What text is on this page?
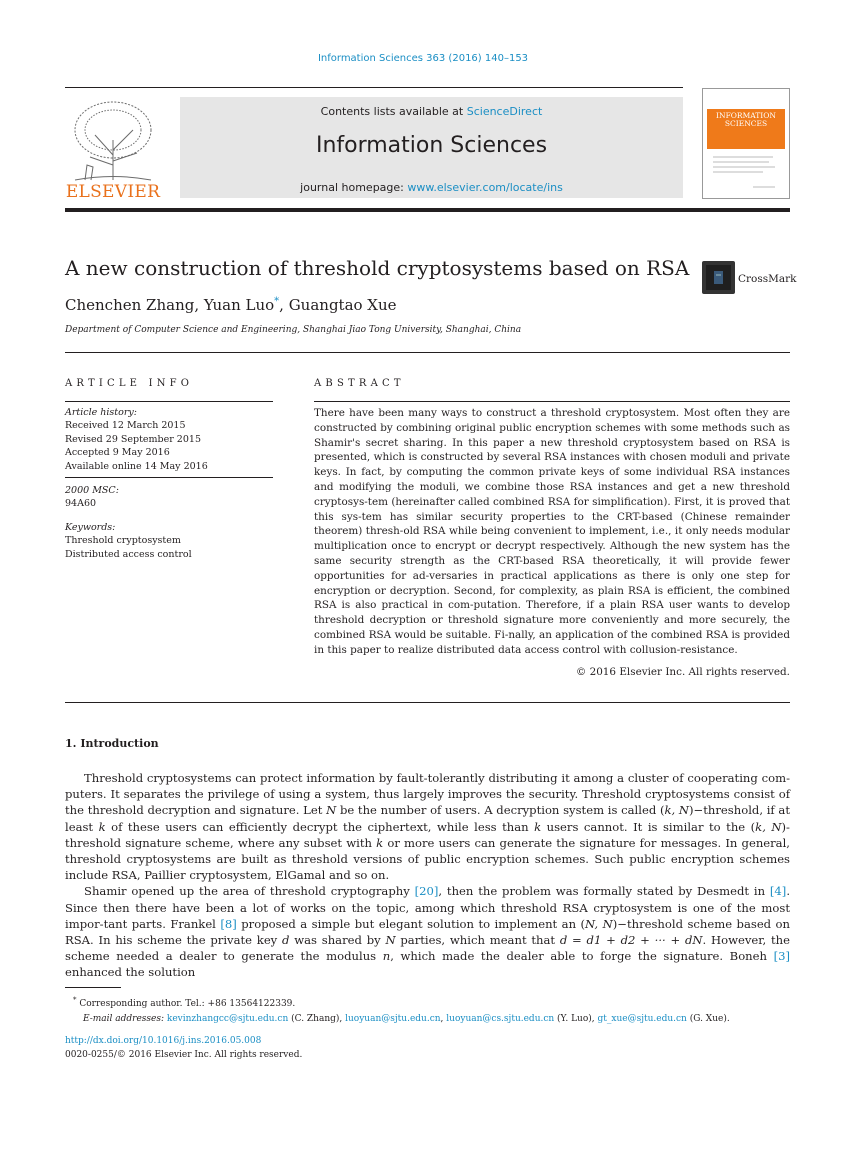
Information Sciences 363 (2016) 140–153
ELSEVIER
Contents lists available at ScienceDirect
Information Sciences
journal homepage: www.elsevier.com/locate/ins
INFORMATION SCIENCES
A new construction of threshold cryptosystems based on RSA	CrossMark
Chenchen Zhang, Yuan Luo*, Guangtao Xue
Department of Computer Science and Engineering, Shanghai Jiao Tong University, Shanghai, China
ARTICLE INFO	ABSTRACT
Article history:
Received 12 March 2015
Revised 29 September 2015
Accepted 9 May 2016
Available online 14 May 2016
2000 MSC:
94A60
Keywords:
Threshold cryptosystem
Distributed access control
There have been many ways to construct a threshold cryptosystem. Most often they are constructed by combining original public encryption schemes with some methods such as Shamir's secret sharing. In this paper a new threshold cryptosystem based on RSA is presented, which is constructed by several RSA instances with chosen moduli and private keys. In fact, by computing the common private keys of some individual RSA instances and modifying the moduli, we combine those RSA instances and get a new threshold cryptosys-tem (hereinafter called combined RSA for simplification). First, it is proved that this sys-tem has similar security properties to the CRT-based (Chinese remainder theorem) thresh-old RSA while being convenient to implement, i.e., it only needs modular multiplication once to encrypt or decrypt respectively. Although the new system has the same security strength as the CRT-based RSA theoretically, it will provide fewer opportunities for ad-versaries in practical applications as there is only one step for encryption or decryption. Second, for complexity, as plain RSA is efficient, the combined RSA is also practical in com-putation. Therefore, if a plain RSA user wants to develop threshold decryption or threshold signature more conveniently and more securely, the combined RSA would be suitable. Fi-nally, an application of the combined RSA is provided in this paper to realize distributed data access control with collusion-resistance.
© 2016 Elsevier Inc. All rights reserved.
1. Introduction

Threshold cryptosystems can protect information by fault-tolerantly distributing it among a cluster of cooperating com-puters. It separates the privilege of using a system, thus largely improves the security. Threshold cryptosystems consist of the threshold decryption and signature. Let N be the number of users. A decryption system is called (k, N)−threshold, if at least k of these users can efficiently decrypt the ciphertext, while less than k users cannot. It is similar to the (k, N)-threshold signature scheme, where any subset with k or more users can generate the signature for messages. In general, threshold cryptosystems are built as threshold versions of public encryption schemes. Such public encryption schemes include RSA, Paillier cryptosystem, ElGamal and so on.

Shamir opened up the area of threshold cryptography [20], then the problem was formally stated by Desmedt in [4]. Since then there have been a lot of works on the topic, among which threshold RSA cryptosystem is one of the most impor-tant parts. Frankel [8] proposed a simple but elegant solution to implement an (N, N)−threshold scheme based on RSA. In his scheme the private key d was shared by N parties, which meant that d = d1 + d2 + ··· + dN. However, the scheme needed a dealer to generate the modulus n, which made the dealer able to forge the signature. Boneh [3] enhanced the solution

* Corresponding author. Tel.: +86 13564122339.
E-mail addresses: kevinzhangcc@sjtu.edu.cn (C. Zhang), luoyuan@sjtu.edu.cn, luoyuan@cs.sjtu.edu.cn (Y. Luo), gt_xue@sjtu.edu.cn (G. Xue).
http://dx.doi.org/10.1016/j.ins.2016.05.008
0020-0255/© 2016 Elsevier Inc. All rights reserved.
